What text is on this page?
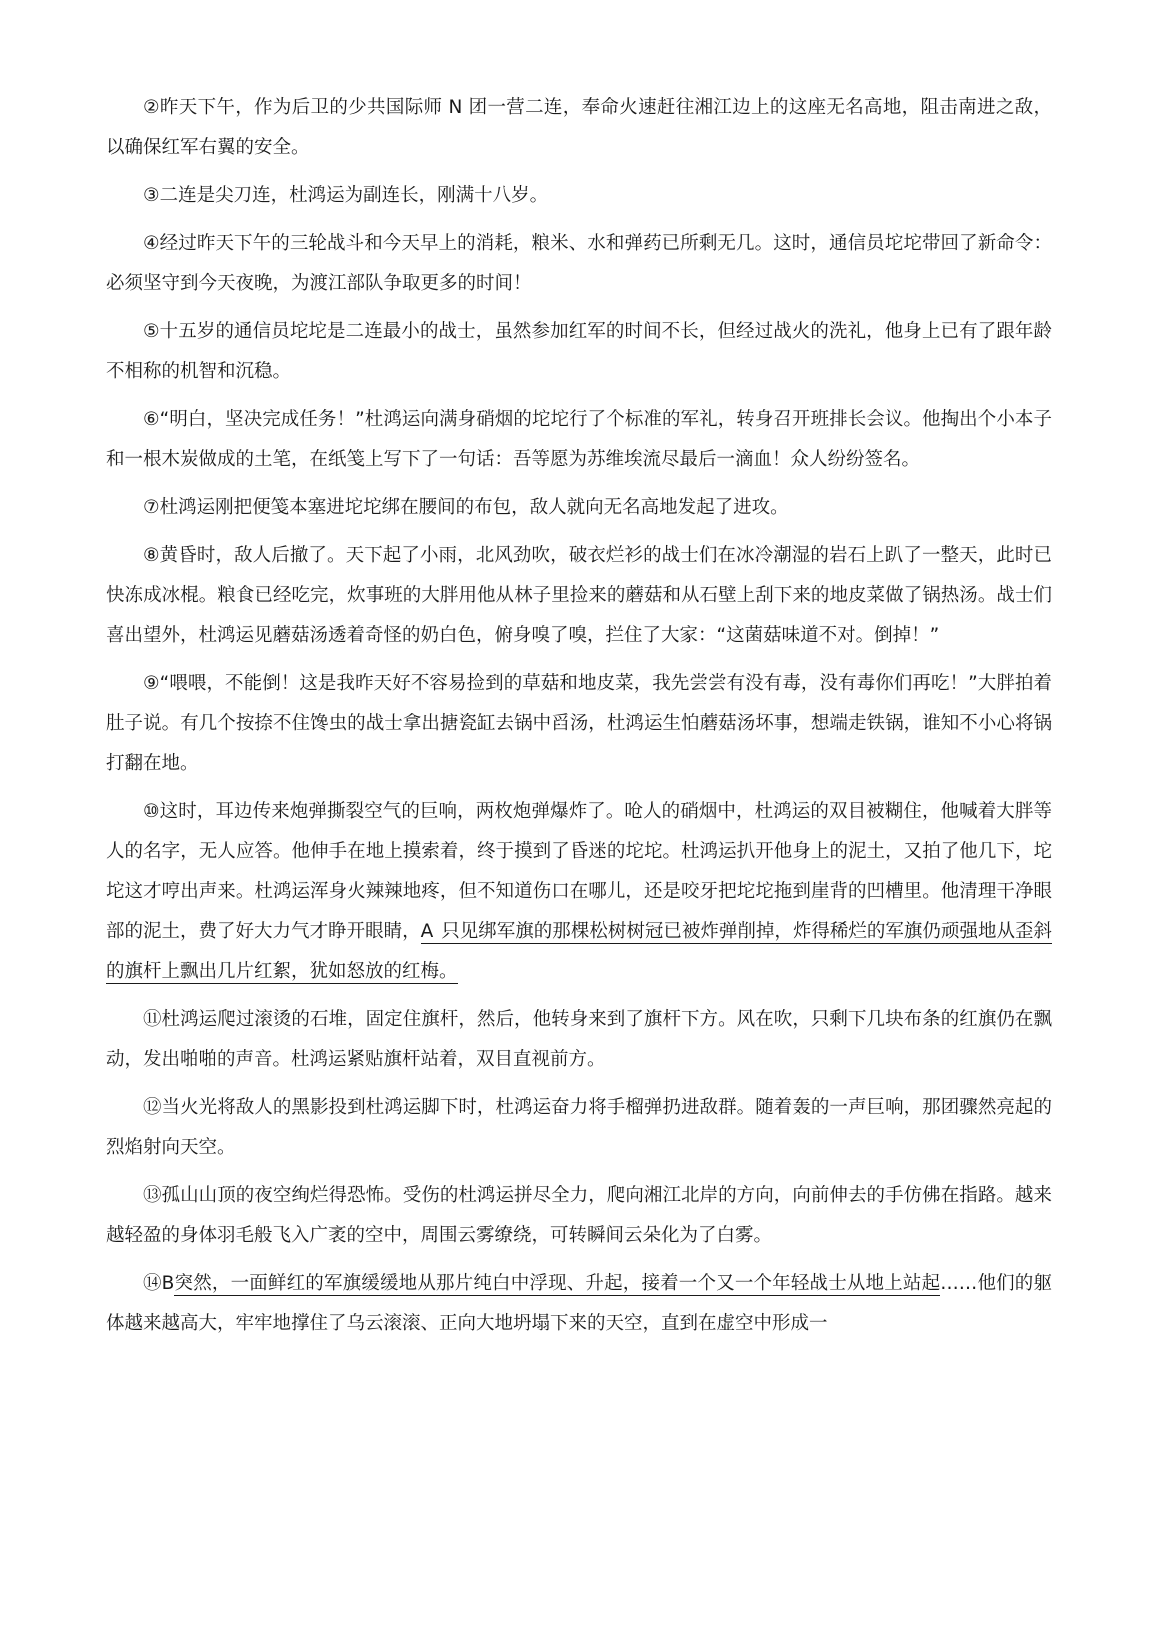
②昨天下午，作为后卫的少共国际师 N 团一营二连，奉命火速赶往湘江边上的这座无名高地，阻击南进之敌，以确保红军右翼的安全。

③二连是尖刀连，杜鸿运为副连长，刚满十八岁。

④经过昨天下午的三轮战斗和今天早上的消耗，粮米、水和弹药已所剩无几。这时，通信员坨坨带回了新命令：必须坚守到今天夜晚，为渡江部队争取更多的时间！

⑤十五岁的通信员坨坨是二连最小的战士，虽然参加红军的时间不长，但经过战火的洗礼，他身上已有了跟年龄不相称的机智和沉稳。

⑥“明白，坚决完成任务！”杜鸿运向满身硝烟的坨坨行了个标准的军礼，转身召开班排长会议。他掏出个小本子和一根木炭做成的土笔，在纸笺上写下了一句话：吾等愿为苏维埃流尽最后一滴血！众人纷纷签名。

⑦杜鸿运刚把便笺本塞进坨坨绑在腰间的布包，敌人就向无名高地发起了进攻。

⑧黄昏时，敌人后撤了。天下起了小雨，北风劲吹，破衣烂衫的战士们在冰冷潮湿的岩石上趴了一整天，此时已快冻成冰棍。粮食已经吃完，炊事班的大胖用他从林子里捡来的蘑菇和从石壁上刮下来的地皮菜做了锅热汤。战士们喜出望外，杜鸿运见蘑菇汤透着奇怪的奶白色，俯身嗅了嗅，拦住了大家：“这菌菇味道不对。倒掉！”

⑨“喂喂，不能倒！这是我昨天好不容易捡到的草菇和地皮菜，我先尝尝有没有毒，没有毒你们再吃！”大胖拍着肚子说。有几个按捺不住馋虫的战士拿出搪瓷缸去锅中舀汤，杜鸿运生怕蘑菇汤坏事，想端走铁锅，谁知不小心将锅打翻在地。

⑩这时，耳边传来炮弹撕裂空气的巨响，两枚炮弹爆炸了。呛人的硝烟中，杜鸿运的双目被糊住，他喊着大胖等人的名字，无人应答。他伸手在地上摸索着，终于摸到了昏迷的坨坨。杜鸿运扒开他身上的泥土，又拍了他几下，坨坨这才哼出声来。杜鸿运浑身火辣辣地疼，但不知道伤口在哪儿，还是咬牙把坨坨拖到崖背的凹槽里。他清理干净眼部的泥土，费了好大力气才睁开眼睛，A 只见绑军旗的那棵松树树冠已被炸弹削掉，炸得稀烂的军旗仍顽强地从歪斜的旗杆上飘出几片红絮，犹如怒放的红梅。

⑪杜鸿运爬过滚烫的石堆，固定住旗杆，然后，他转身来到了旗杆下方。风在吹，只剩下几块布条的红旗仍在飘动，发出啪啪的声音。杜鸿运紧贴旗杆站着，双目直视前方。

⑫当火光将敌人的黑影投到杜鸿运脚下时，杜鸿运奋力将手榴弹扔进敌群。随着轰的一声巨响，那团骤然亮起的烈焰射向天空。

⑬孤山山顶的夜空绚烂得恐怖。受伤的杜鸿运拼尽全力，爬向湘江北岸的方向，向前伸去的手仿佛在指路。越来越轻盈的身体羽毛般飞入广袤的空中，周围云雾缭绕，可转瞬间云朵化为了白雾。

⑭B突然，一面鲜红的军旗缓缓地从那片纯白中浮现、升起，接着一个又一个年轻战士从地上站起……他们的躯体越来越高大，牢牢地撑住了乌云滚滚、正向大地坍塌下来的天空，直到在虚空中形成一
